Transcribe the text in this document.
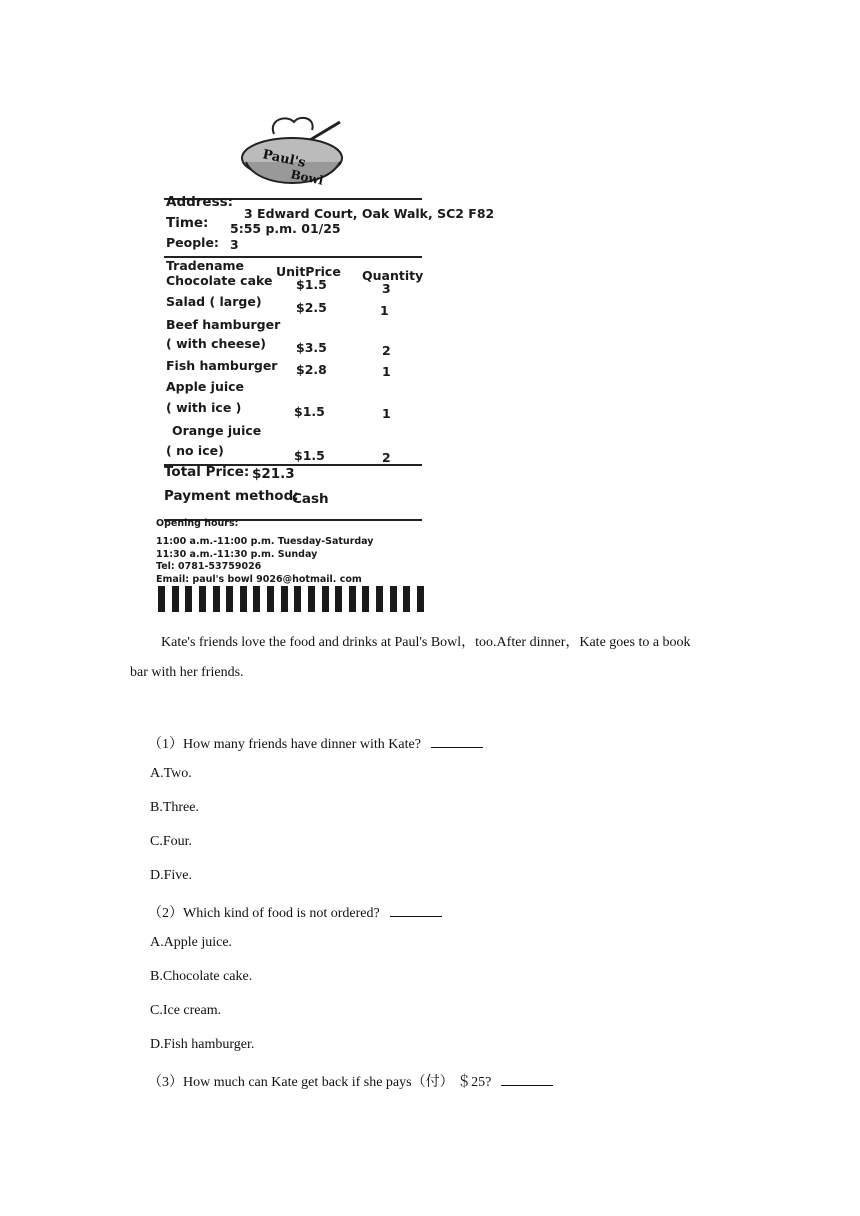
Paul's
Bowl
Address:
3 Edward Court, Oak Walk, SC2 F82
Time: 5:55 p.m. 01/25
People: 3
Tradename	UnitPrice Quantity
Chocolate cake $1.5	3
Salad ( large)	$2.5	1
Beef hamburger
( with cheese) $3.5	2
Fish hamburger $2.8	1
Apple juice
( with ice )	$1.5	1
Orange juice
( no ice)	$1.5	2
Total Price: $21.3
Payment method:
Cash
Opening hours:
11:00 a.m.-11:00 p.m. Tuesday-Saturday
11:30 a.m.-11:30 p.m. Sunday
Tel: 0781-53759026
Email: paul's bowl 9026@hotmail. com
Kate's friends love the food and drinks at Paul's Bowl，too.After dinner，Kate goes to a book
bar with her friends.
（1）How many friends have dinner with Kate?
A.Two.
B.Three.
C.Four.
D.Five.
（2）Which kind of food is not ordered?
A.Apple juice.
B.Chocolate cake.
C.Ice cream.
D.Fish hamburger.
（3）How much can Kate get back if she pays（付） ＄25?
